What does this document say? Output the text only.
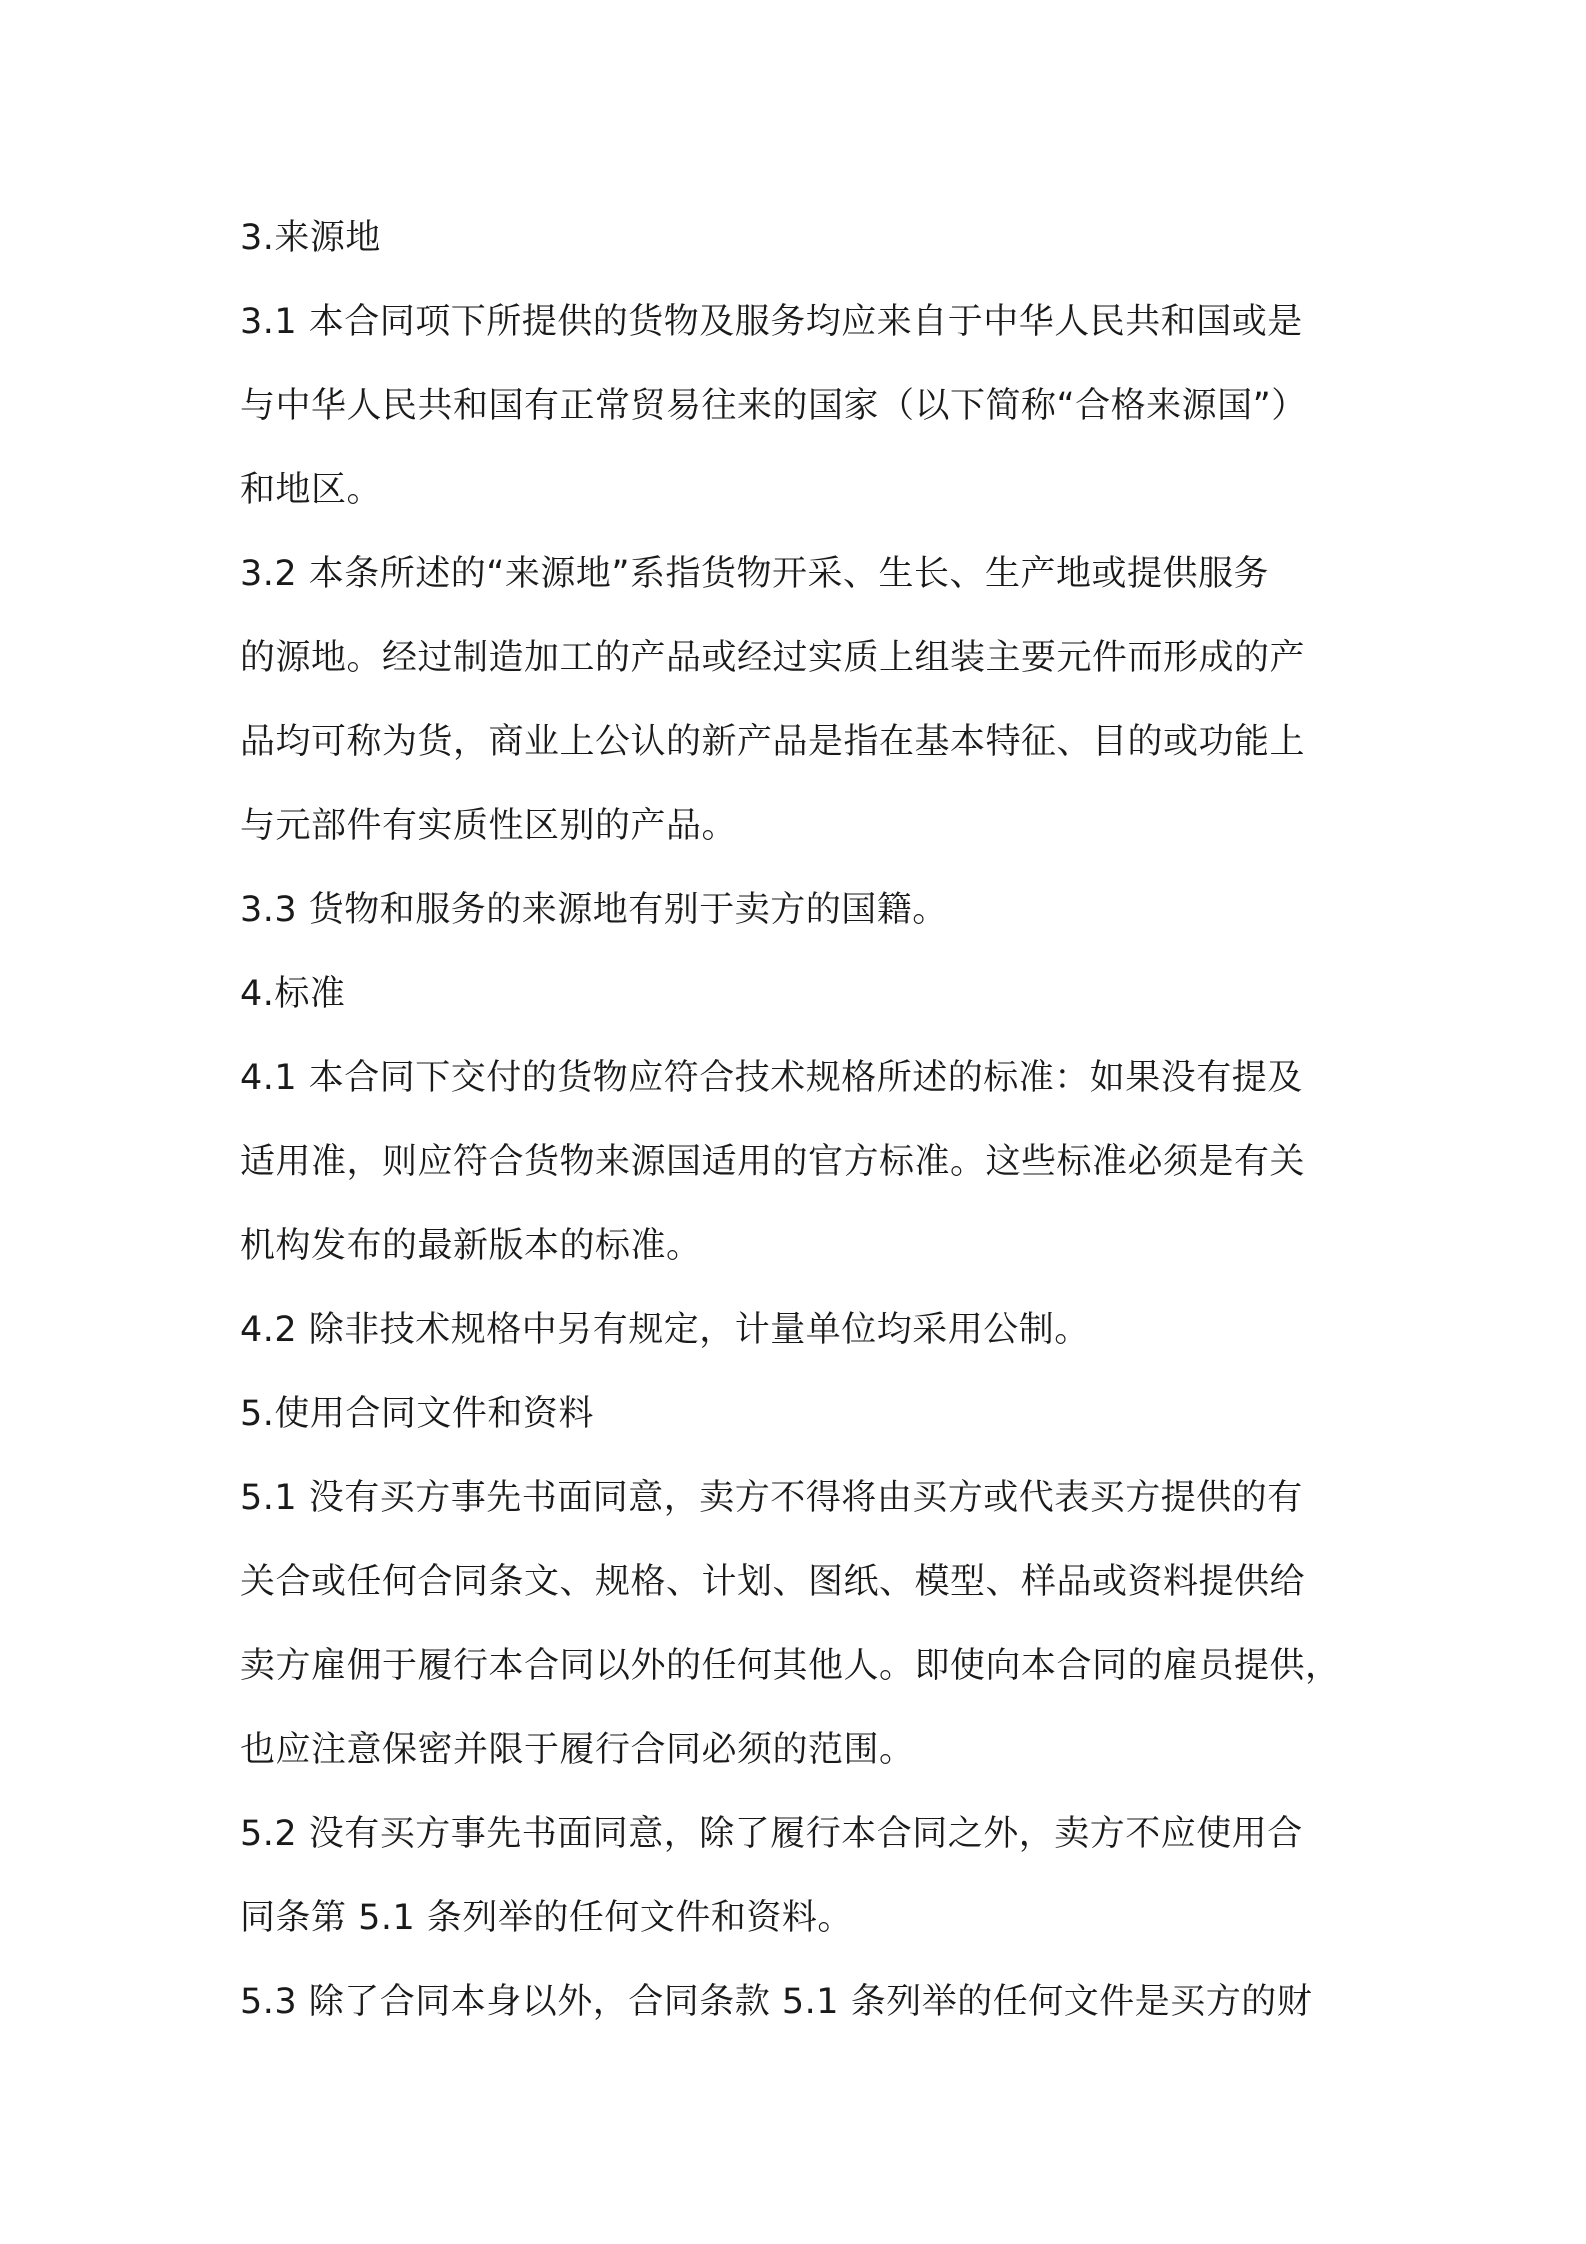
3.来源地
3.1 本合同项下所提供的货物及服务均应来自于中华人民共和国或是
与中华人民共和国有正常贸易往来的国家（以下简称“合格来源国”）
和地区。
3.2 本条所述的“来源地”系指货物开采、生长、生产地或提供服务
的源地。经过制造加工的产品或经过实质上组装主要元件而形成的产
品均可称为货，商业上公认的新产品是指在基本特征、目的或功能上
与元部件有实质性区别的产品。
3.3 货物和服务的来源地有别于卖方的国籍。
4.标准
4.1 本合同下交付的货物应符合技术规格所述的标准：如果没有提及
适用准，则应符合货物来源国适用的官方标准。这些标准必须是有关
机构发布的最新版本的标准。
4.2 除非技术规格中另有规定，计量单位均采用公制。
5.使用合同文件和资料
5.1 没有买方事先书面同意，卖方不得将由买方或代表买方提供的有
关合或任何合同条文、规格、计划、图纸、模型、样品或资料提供给
卖方雇佣于履行本合同以外的任何其他人。即使向本合同的雇员提供，
也应注意保密并限于履行合同必须的范围。
5.2 没有买方事先书面同意，除了履行本合同之外，卖方不应使用合
同条第 5.1 条列举的任何文件和资料。
5.3 除了合同本身以外，合同条款 5.1 条列举的任何文件是买方的财
